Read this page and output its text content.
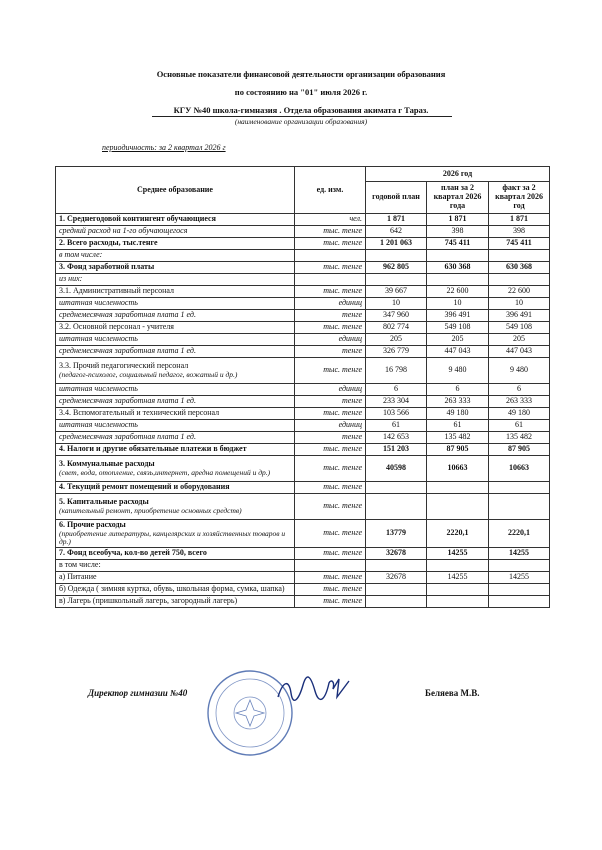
Основные показатели финансовой деятельности организации образования
по состоянию на "01" июля 2026 г.
КГУ №40 школа-гимназия . Отдела образования акимата г Тараз.
(наименование организации образования)
периодичность: за 2 квартал 2026 г
Среднее образование	ед. изм.	2026 год		
		годовой план	план за 2 квартал 2026 года	факт за 2 квартал 2026 год

1. Среднегодовой контингент обучающиеся	чел.	1 871	1 871	1 871

средний расход на 1-го обучающегося	тыс. тенге	642	398	398

2. Всего расходы, тыс.тенге	тыс. тенге	1 201 063	745 411	745 411

в том числе:				

3. Фонд заработной платы	тыс. тенге	962 805	630 368	630 368

из них:				

3.1. Административный персонал	тыс. тенге	39 667	22 600	22 600

штатная численность	единиц	10	10	10

среднемесячная заработная плата 1 ед.	тенге	347 960	396 491	396 491

3.2. Основной персонал - учителя	тыс. тенге	802 774	549 108	549 108

штатная численность	единиц	205	205	205

среднемесячная заработная плата 1 ед.	тенге	326 779	447 043	447 043

3.3. Прочий педагогический персонал
(педагог-психолог, социальный педагог, вожатый и др.)	тыс. тенге	16 798	9 480	9 480

штатная численность	единиц	6	6	6

среднемесячная заработная плата 1 ед.	тенге	233 304	263 333	263 333

3.4. Вспомогательный и технический персонал	тыс. тенге	103 566	49 180	49 180

штатная численность	единиц	61	61	61

среднемесячная заработная плата 1 ед.	тенге	142 653	135 482	135 482

4. Налоги и другие обязательные платежи в бюджет	тыс. тенге	151 203	87 905	87 905

3. Коммунальные расходы
(свет, вода, отопление, связь,интернет, аредна помещений и др.)	тыс. тенге	40598	10663	10663

4. Текущий ремонт помещений и оборудования	тыс. тенге			

5. Капитальные расходы
(капительный ремонт, приобретение основных средств)	тыс. тенге			

6. Прочие расходы
(приобретение литературы, канцелярских и хозяйственных товаров и др.)	тыс. тенге	13779	2220,1	2220,1

7. Фонд всеобуча, кол-во детей 750, всего	тыс. тенге	32678	14255	14255

в том числе:				

а) Питание	тыс. тенге	32678	14255	14255

б) Одежда ( зимняя куртка, обувь, школьная форма, сумка, шапка)	тыс. тенге			

в) Лагерь (пришкольный лагерь, загородный лагерь)	тыс. тенге			
Директор гимназии №40	Беляева М.В.
